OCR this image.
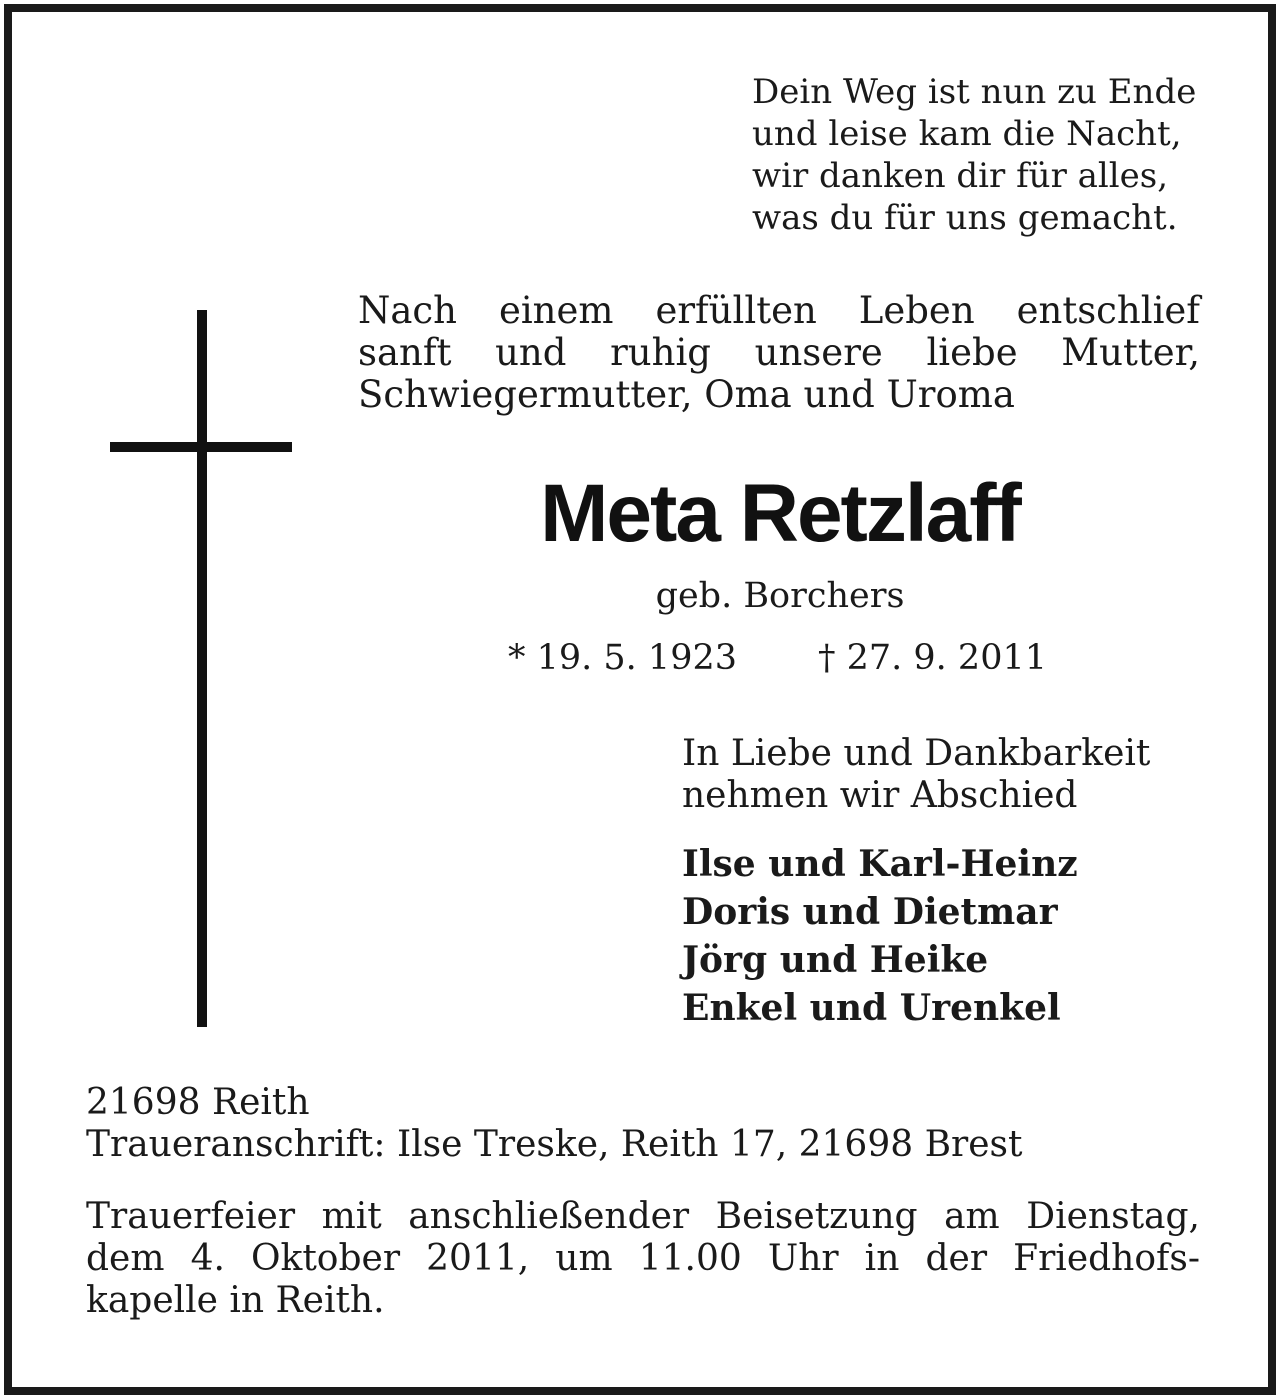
Dein Weg ist nun zu Ende
und leise kam die Nacht,
wir danken dir für alles,
was du für uns gemacht.
Nach einem erfüllten Leben entschlief
sanft und ruhig unsere liebe Mutter,
Schwiegermutter, Oma und Uroma
Meta Retzlaff
geb. Borchers
* 19. 5. 1923 † 27. 9. 2011
In Liebe und Dankbarkeit
nehmen wir Abschied
Ilse und Karl-Heinz
Doris und Dietmar
Jörg und Heike
Enkel und Urenkel
21698 Reith
Traueranschrift: Ilse Treske, Reith 17, 21698 Brest
Trauerfeier mit anschließender Beisetzung am Dienstag,
dem 4. Oktober 2011, um 11.00 Uhr in der Friedhofs-
kapelle in Reith.
